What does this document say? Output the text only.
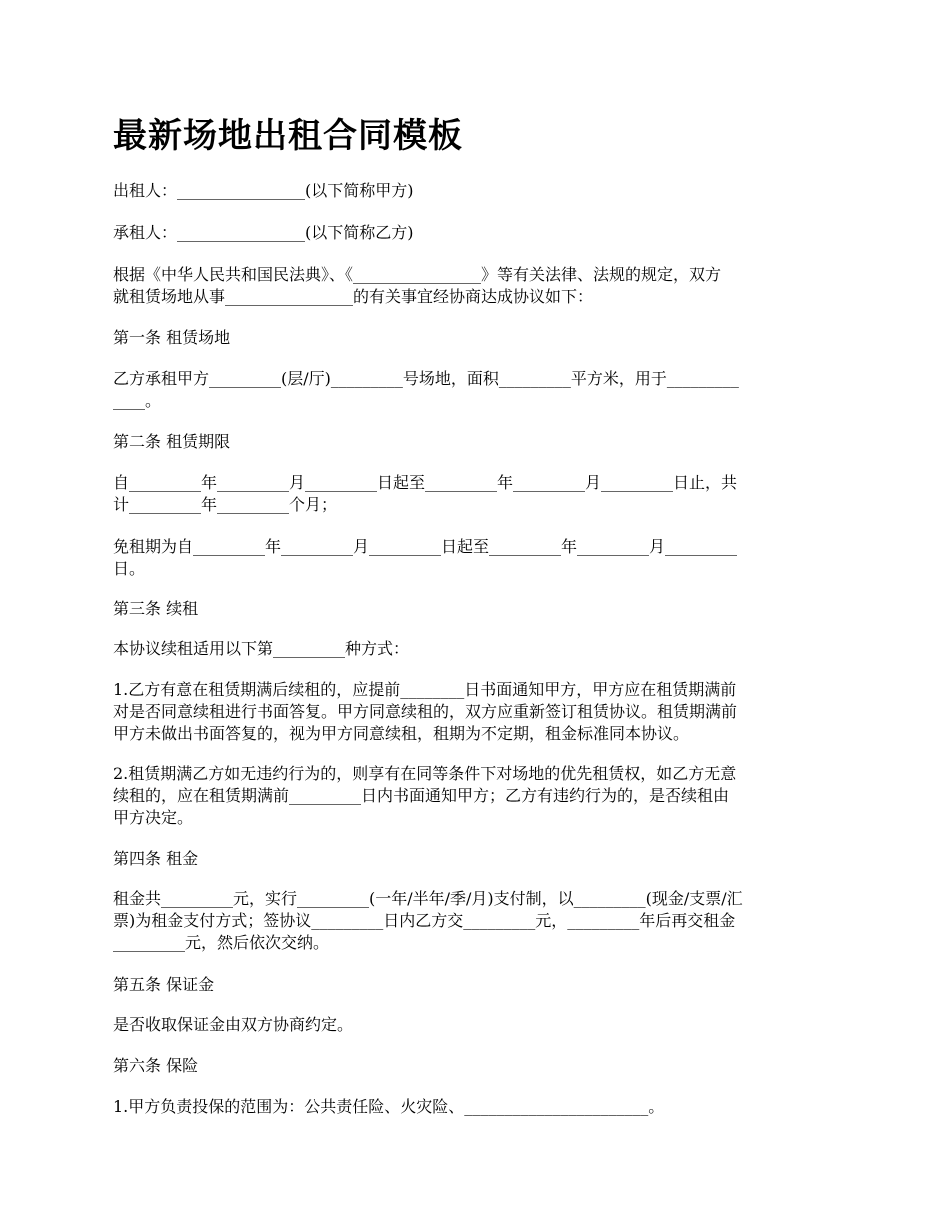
最新场地出租合同模板

出租人：________________(以下简称甲方)

承租人：________________(以下简称乙方)

根据《中华人民共和国民法典》、《________________》等有关法律、法规的规定，双方
就租赁场地从事________________的有关事宜经协商达成协议如下：

第一条 租赁场地

乙方承租甲方_________(层/厅)_________号场地，面积_________平方米，用于_________
____。

第二条 租赁期限

自_________年_________月_________日起至_________年_________月_________日止，共
计_________年_________个月；

免租期为自_________年_________月_________日起至_________年_________月_________
日。

第三条 续租

本协议续租适用以下第_________种方式：

1.乙方有意在租赁期满后续租的，应提前________日书面通知甲方，甲方应在租赁期满前
对是否同意续租进行书面答复。甲方同意续租的，双方应重新签订租赁协议。租赁期满前
甲方未做出书面答复的，视为甲方同意续租，租期为不定期，租金标准同本协议。

2.租赁期满乙方如无违约行为的，则享有在同等条件下对场地的优先租赁权，如乙方无意
续租的，应在租赁期满前_________日内书面通知甲方；乙方有违约行为的，是否续租由
甲方决定。

第四条 租金

租金共_________元，实行_________(一年/半年/季/月)支付制，以_________(现金/支票/汇
票)为租金支付方式；签协议_________日内乙方交_________元，_________年后再交租金
_________元，然后依次交纳。

第五条 保证金

是否收取保证金由双方协商约定。

第六条 保险

1.甲方负责投保的范围为：公共责任险、火灾险、_______________________。
